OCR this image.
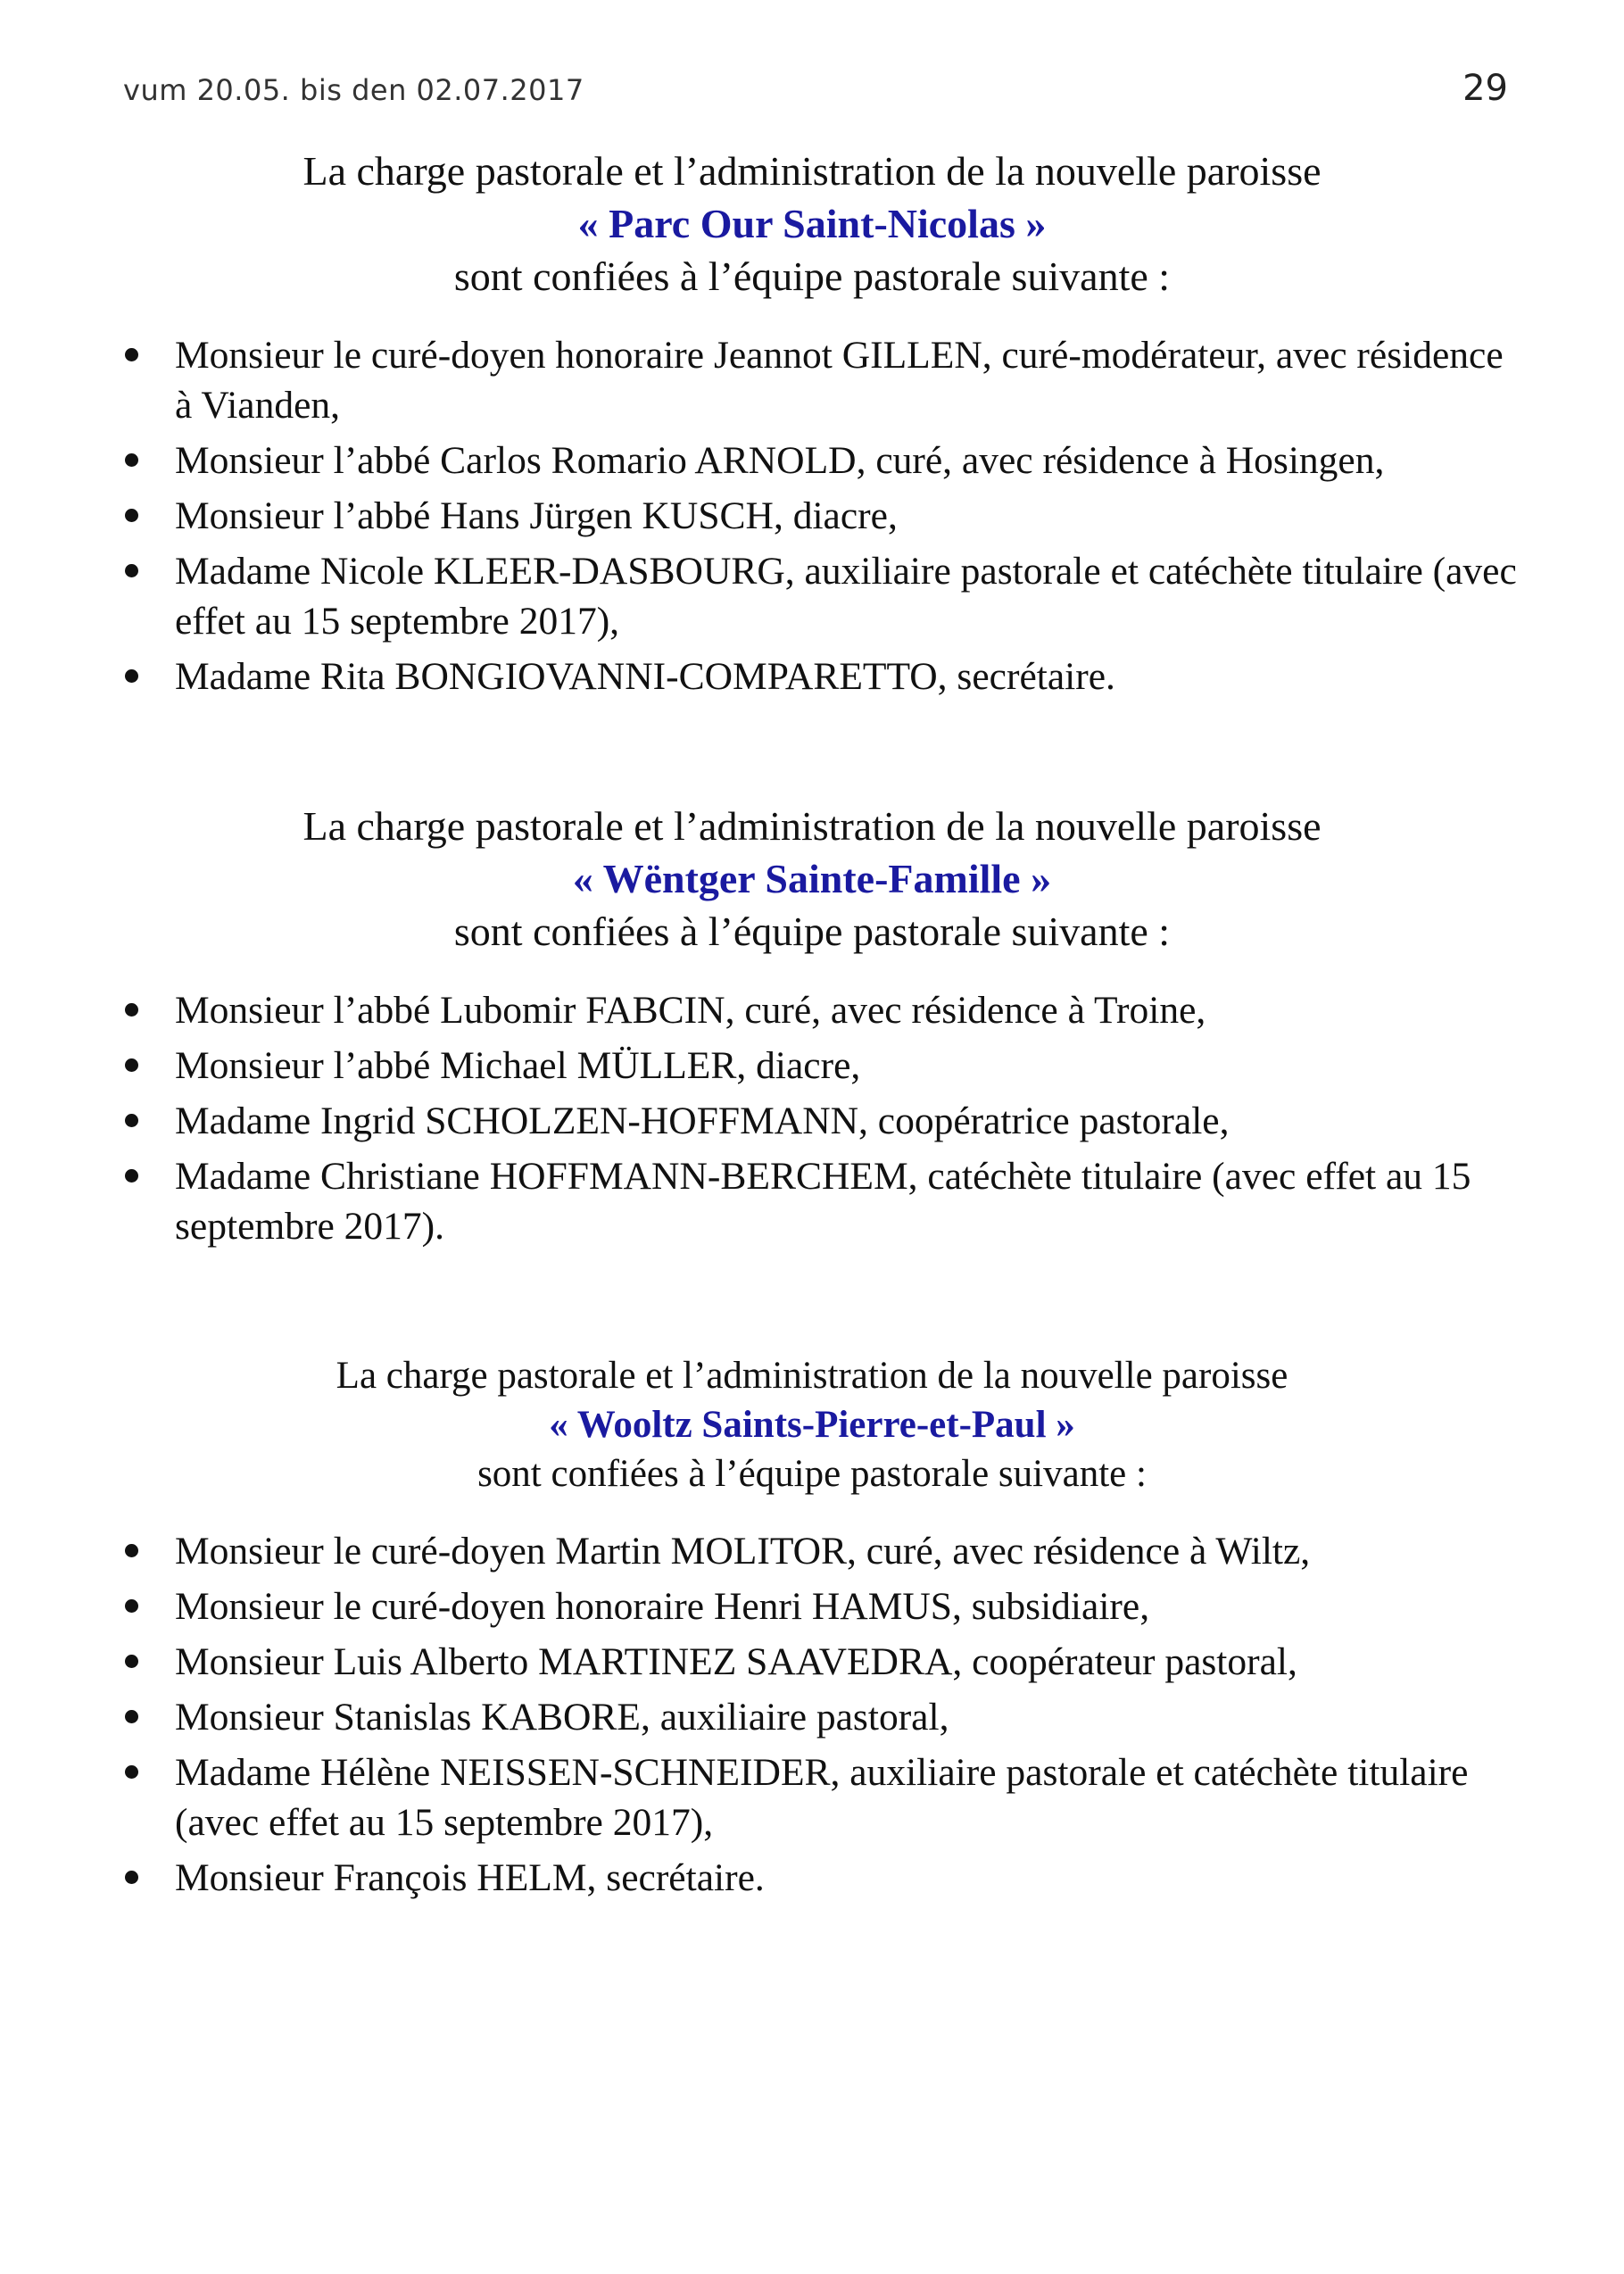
vum 20.05. bis den 02.07.2017	29
La charge pastorale et l’administration de la nouvelle paroisse
« Parc Our Saint-Nicolas »
sont confiées à l’équipe pastorale suivante :
Monsieur le curé-doyen honoraire Jeannot GILLEN, curé-modérateur, avec résidence à Vianden,
Monsieur l’abbé Carlos Romario ARNOLD, curé, avec résidence à Hosingen,
Monsieur l’abbé Hans Jürgen KUSCH, diacre,
Madame Nicole KLEER-DASBOURG, auxiliaire pastorale et catéchète titulaire (avec effet au 15 septembre 2017),
Madame Rita BONGIOVANNI-COMPARETTO, secrétaire.
La charge pastorale et l’administration de la nouvelle paroisse
« Wëntger Sainte-Famille »
sont confiées à l’équipe pastorale suivante :
Monsieur l’abbé Lubomir FABCIN, curé, avec résidence à Troine,
Monsieur l’abbé Michael MÜLLER, diacre,
Madame Ingrid SCHOLZEN-HOFFMANN, coopératrice pastorale,
Madame Christiane HOFFMANN-BERCHEM, catéchète titulaire (avec effet au 15 septembre 2017).
La charge pastorale et l’administration de la nouvelle paroisse
« Wooltz Saints-Pierre-et-Paul »
sont confiées à l’équipe pastorale suivante :
Monsieur le curé-doyen Martin MOLITOR, curé, avec résidence à Wiltz,
Monsieur le curé-doyen honoraire Henri HAMUS, subsidiaire,
Monsieur Luis Alberto MARTINEZ SAAVEDRA, coopérateur pastoral,
Monsieur Stanislas KABORE, auxiliaire pastoral,
Madame Hélène NEISSEN-SCHNEIDER, auxiliaire pastorale et catéchète titulaire (avec effet au 15 septembre 2017),
Monsieur François HELM, secrétaire.
